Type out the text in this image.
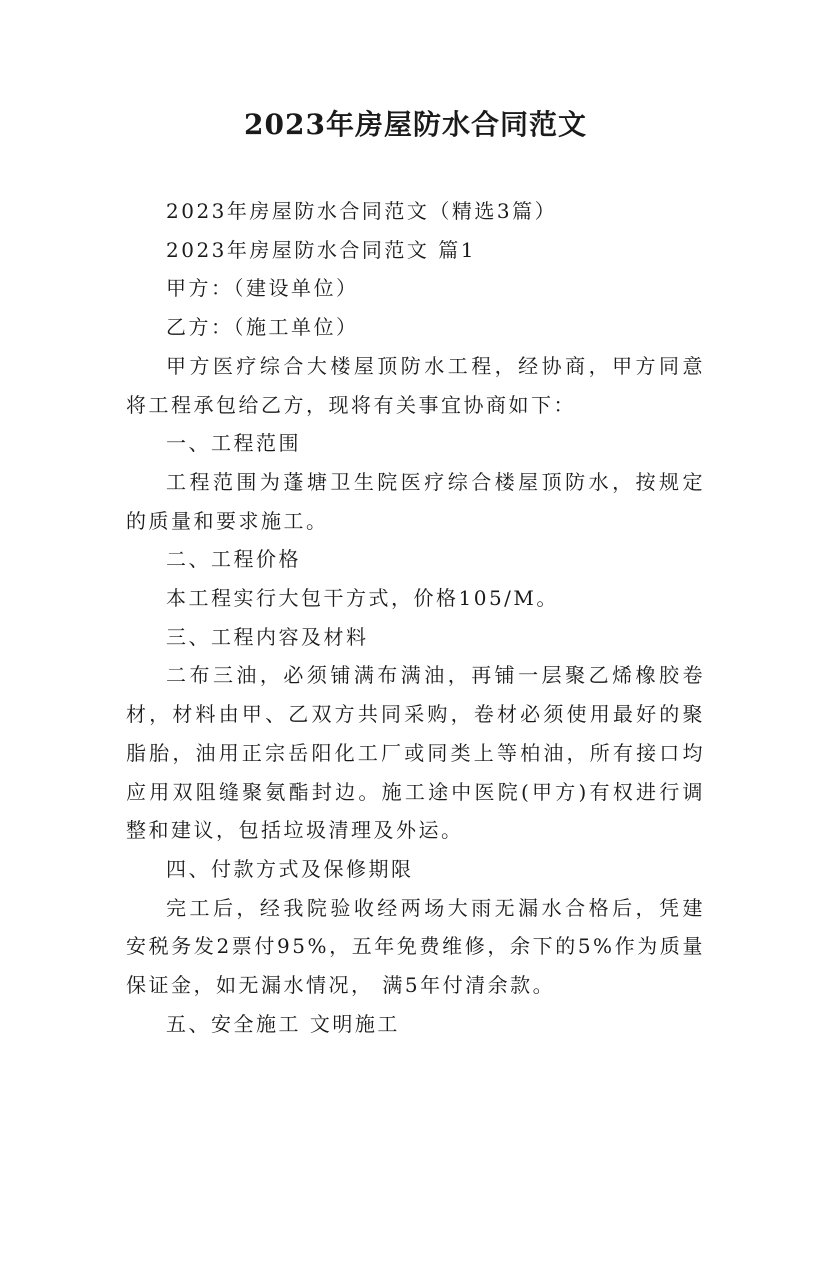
2023年房屋防水合同范文

2023年房屋防水合同范文（精选3篇）

2023年房屋防水合同范文 篇1

甲方：（建设单位）

乙方：（施工单位）

甲方医疗综合大楼屋顶防水工程，经协商，甲方同意将工程承包给乙方，现将有关事宜协商如下：

一、工程范围

工程范围为蓬塘卫生院医疗综合楼屋顶防水，按规定的质量和要求施工。

二、工程价格

本工程实行大包干方式，价格105/M。

三、工程内容及材料

二布三油，必须铺满布满油，再铺一层聚乙烯橡胶卷材，材料由甲、乙双方共同采购，卷材必须使用最好的聚脂胎，油用正宗岳阳化工厂或同类上等柏油，所有接口均应用双阻缝聚氨酯封边。施工途中医院(甲方)有权进行调整和建议，包括垃圾清理及外运。

四、付款方式及保修期限

完工后，经我院验收经两场大雨无漏水合格后，凭建安税务发2票付95%，五年免费维修，余下的5%作为质量保证金，如无漏水情况， 满5年付清余款。

五、安全施工 文明施工
